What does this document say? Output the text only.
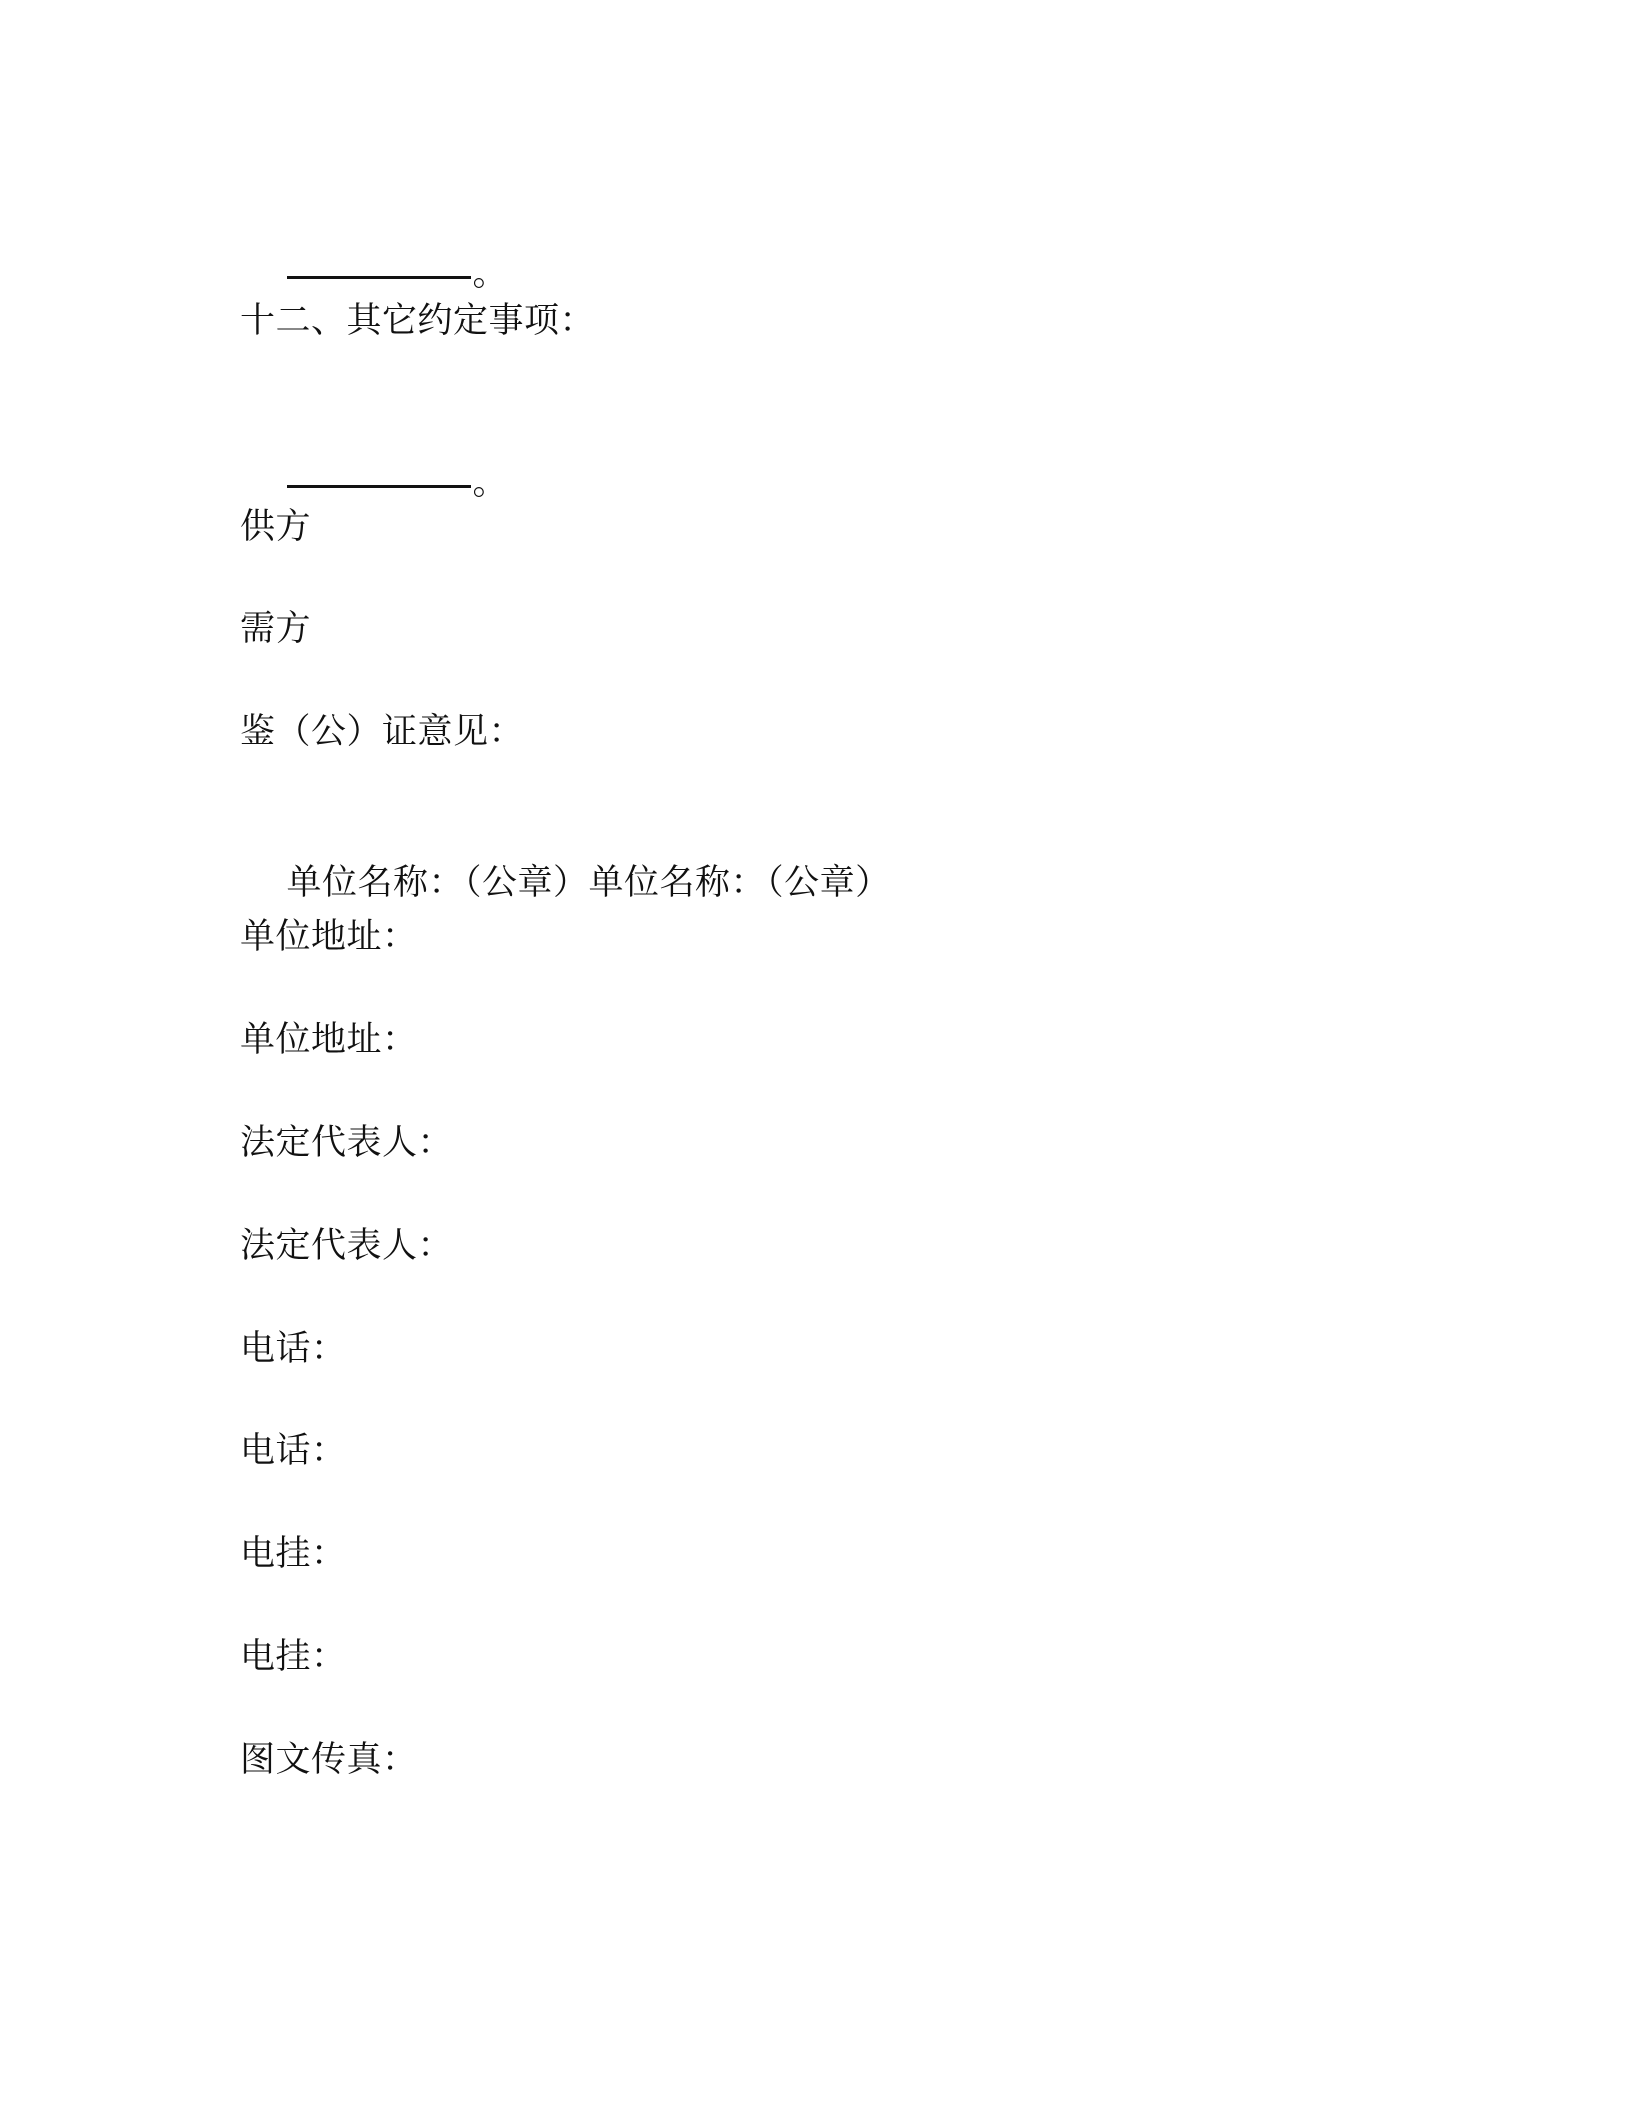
。

十二、其它约定事项：

。

供方
需方
鉴（公）证意见：

单位名称：（公章）单位名称：（公章）

单位地址：
单位地址：
法定代表人：
法定代表人：
电话：
电话：
电挂：
电挂：
图文传真：
